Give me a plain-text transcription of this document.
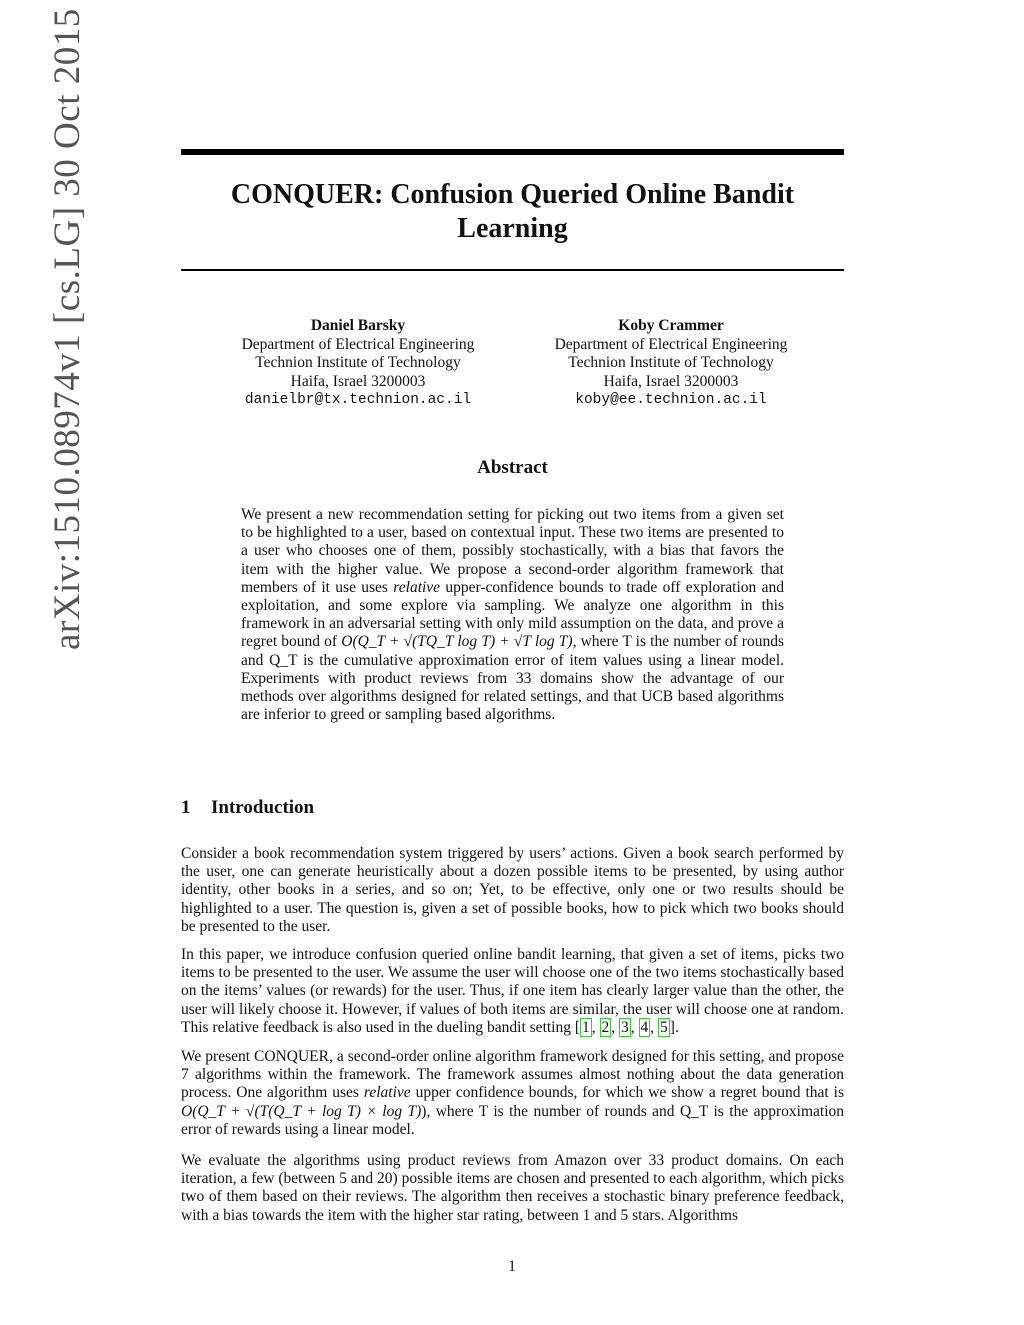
arXiv:1510.08974v1 [cs.LG] 30 Oct 2015	CONQUER: Confusion Queried Online Bandit Learning
Daniel Barsky
Department of Electrical Engineering
Technion Institute of Technology
Haifa, Israel 3200003
danielbr@tx.technion.ac.il
Koby Crammer
Department of Electrical Engineering
Technion Institute of Technology
Haifa, Israel 3200003
koby@ee.technion.ac.il
Abstract
We present a new recommendation setting for picking out two items from a given set to be highlighted to a user, based on contextual input. These two items are presented to a user who chooses one of them, possibly stochastically, with a bias that favors the item with the higher value. We propose a second-order algorithm framework that members of it use uses relative upper-confidence bounds to trade off exploration and exploitation, and some explore via sampling. We analyze one algorithm in this framework in an adversarial setting with only mild assumption on the data, and prove a regret bound of O(Q_T + √(TQ_T log T) + √T log T), where T is the number of rounds and Q_T is the cumulative approximation error of item values using a linear model. Experiments with product reviews from 33 domains show the advantage of our methods over algorithms designed for related settings, and that UCB based algorithms are inferior to greed or sampling based algorithms.
1 Introduction
Consider a book recommendation system triggered by users’ actions. Given a book search performed by the user, one can generate heuristically about a dozen possible items to be presented, by using author identity, other books in a series, and so on; Yet, to be effective, only one or two results should be highlighted to a user. The question is, given a set of possible books, how to pick which two books should be presented to the user.
In this paper, we introduce confusion queried online bandit learning, that given a set of items, picks two items to be presented to the user. We assume the user will choose one of the two items stochastically based on the items’ values (or rewards) for the user. Thus, if one item has clearly larger value than the other, the user will likely choose it. However, if values of both items are similar, the user will choose one at random. This relative feedback is also used in the dueling bandit setting [ 1 , 2 , 3 , 4 , 5 ].
We present CONQUER, a second-order online algorithm framework designed for this setting, and propose 7 algorithms within the framework. The framework assumes almost nothing about the data generation process. One algorithm uses relative upper confidence bounds, for which we show a regret bound that is O(Q_T + √(T(Q_T + log T) × log T)), where T is the number of rounds and Q_T is the approximation error of rewards using a linear model.
We evaluate the algorithms using product reviews from Amazon over 33 product domains. On each iteration, a few (between 5 and 20) possible items are chosen and presented to each algorithm, which picks two of them based on their reviews. The algorithm then receives a stochastic binary preference feedback, with a bias towards the item with the higher star rating, between 1 and 5 stars. Algorithms
1
